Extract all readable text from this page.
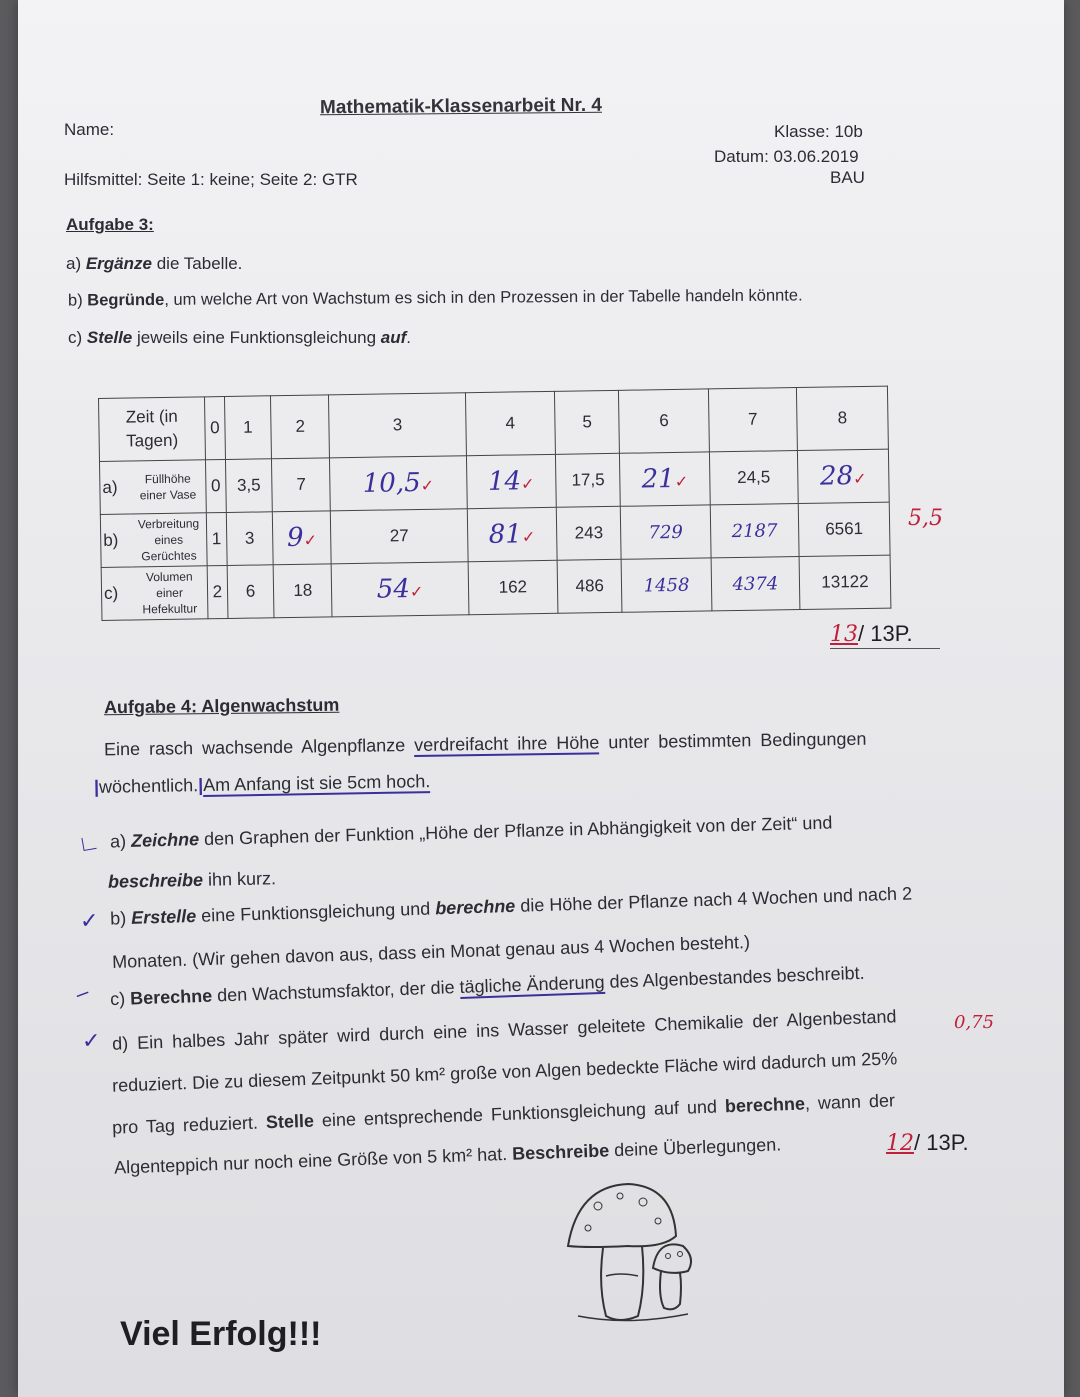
Mathematik-Klassenarbeit Nr. 4
Name:
Hilfsmittel: Seite 1: keine; Seite 2: GTR
Klasse: 10b
Datum: 03.06.2019
BAU
Aufgabe 3:
a) Ergänze die Tabelle.
b) Begründe, um welche Art von Wachstum es sich in den Prozessen in der Tabelle handeln könnte.
c) Stelle jeweils eine Funktionsgleichung auf.
Zeit (in Tagen)		0	1	2	3	4	5	6	7	8
a)	Füllhöhe einer Vase	0	3,5	7	10,5✓	14✓	17,5	21✓	24,5	28✓
b)	Verbreitung eines Gerüchtes	1	3	9✓	27	81✓	243	729	2187	6561
c)	Volumen einer Hefekultur	2	6	18	54✓	162	486	1458	4374	13122
5,5
13/ 13P.
Aufgabe 4: Algenwachstum
Eine rasch wachsende Algenpflanze verdreifacht ihre Höhe unter bestimmten Bedingungen
|wöchentlich.|Am Anfang ist sie 5cm hoch.
∟ a) Zeichne den Graphen der Funktion „Höhe der Pflanze in Abhängigkeit von der Zeit“ und
beschreibe ihn kurz.
✓ b) Erstelle eine Funktionsgleichung und berechne die Höhe der Pflanze nach 4 Wochen und nach 2
Monaten. (Wir gehen davon aus, dass ein Monat genau aus 4 Wochen besteht.)
– c) Berechne den Wachstumsfaktor, der die tägliche Änderung des Algenbestandes beschreibt.
✓ d) Ein halbes Jahr später wird durch eine ins Wasser geleitete Chemikalie der Algenbestand
reduziert. Die zu diesem Zeitpunkt 50 km² große von Algen bedeckte Fläche wird dadurch um 25%
pro Tag reduziert. Stelle eine entsprechende Funktionsgleichung auf und berechne, wann der
Algenteppich nur noch eine Größe von 5 km² hat. Beschreibe deine Überlegungen.
0,75
12/ 13P.
Viel Erfolg!!!
